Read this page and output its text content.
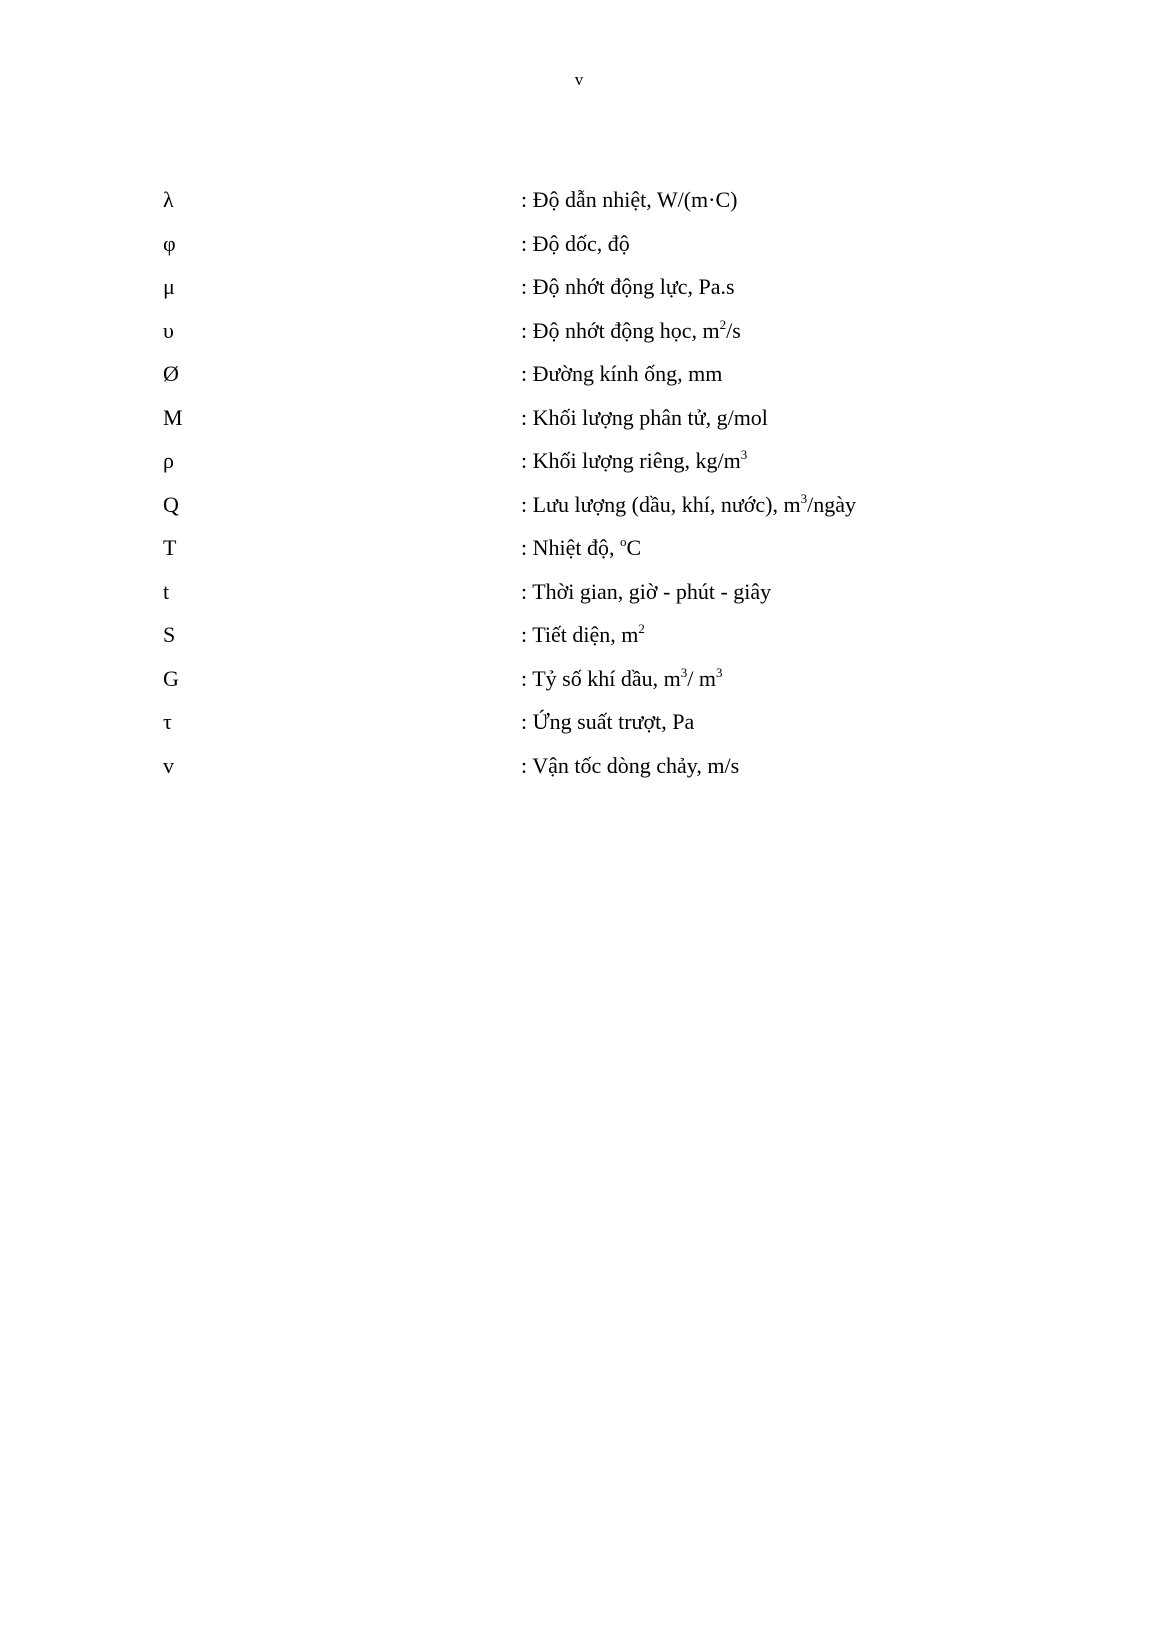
v
λ	: Độ dẫn nhiệt, W/(m·C)
φ	: Độ dốc, độ
μ	: Độ nhớt động lực, Pa.s
υ	: Độ nhớt động học, $m^2/s$
Ø	: Đường kính ống, mm
M	: Khối lượng phân tử, g/mol
ρ	: Khối lượng riêng, $kg/m^3$
Q	: Lưu lượng (dầu, khí, nước), $m^3$/ngày
T	: Nhiệt độ, $^o$C
t	: Thời gian, giờ - phút - giây
S	: Tiết diện, $m^2$
G	: Tỷ số khí dầu, $m^3/$ $m^3$
τ	: Ứng suất trượt, Pa
v	: Vận tốc dòng chảy, m/s
